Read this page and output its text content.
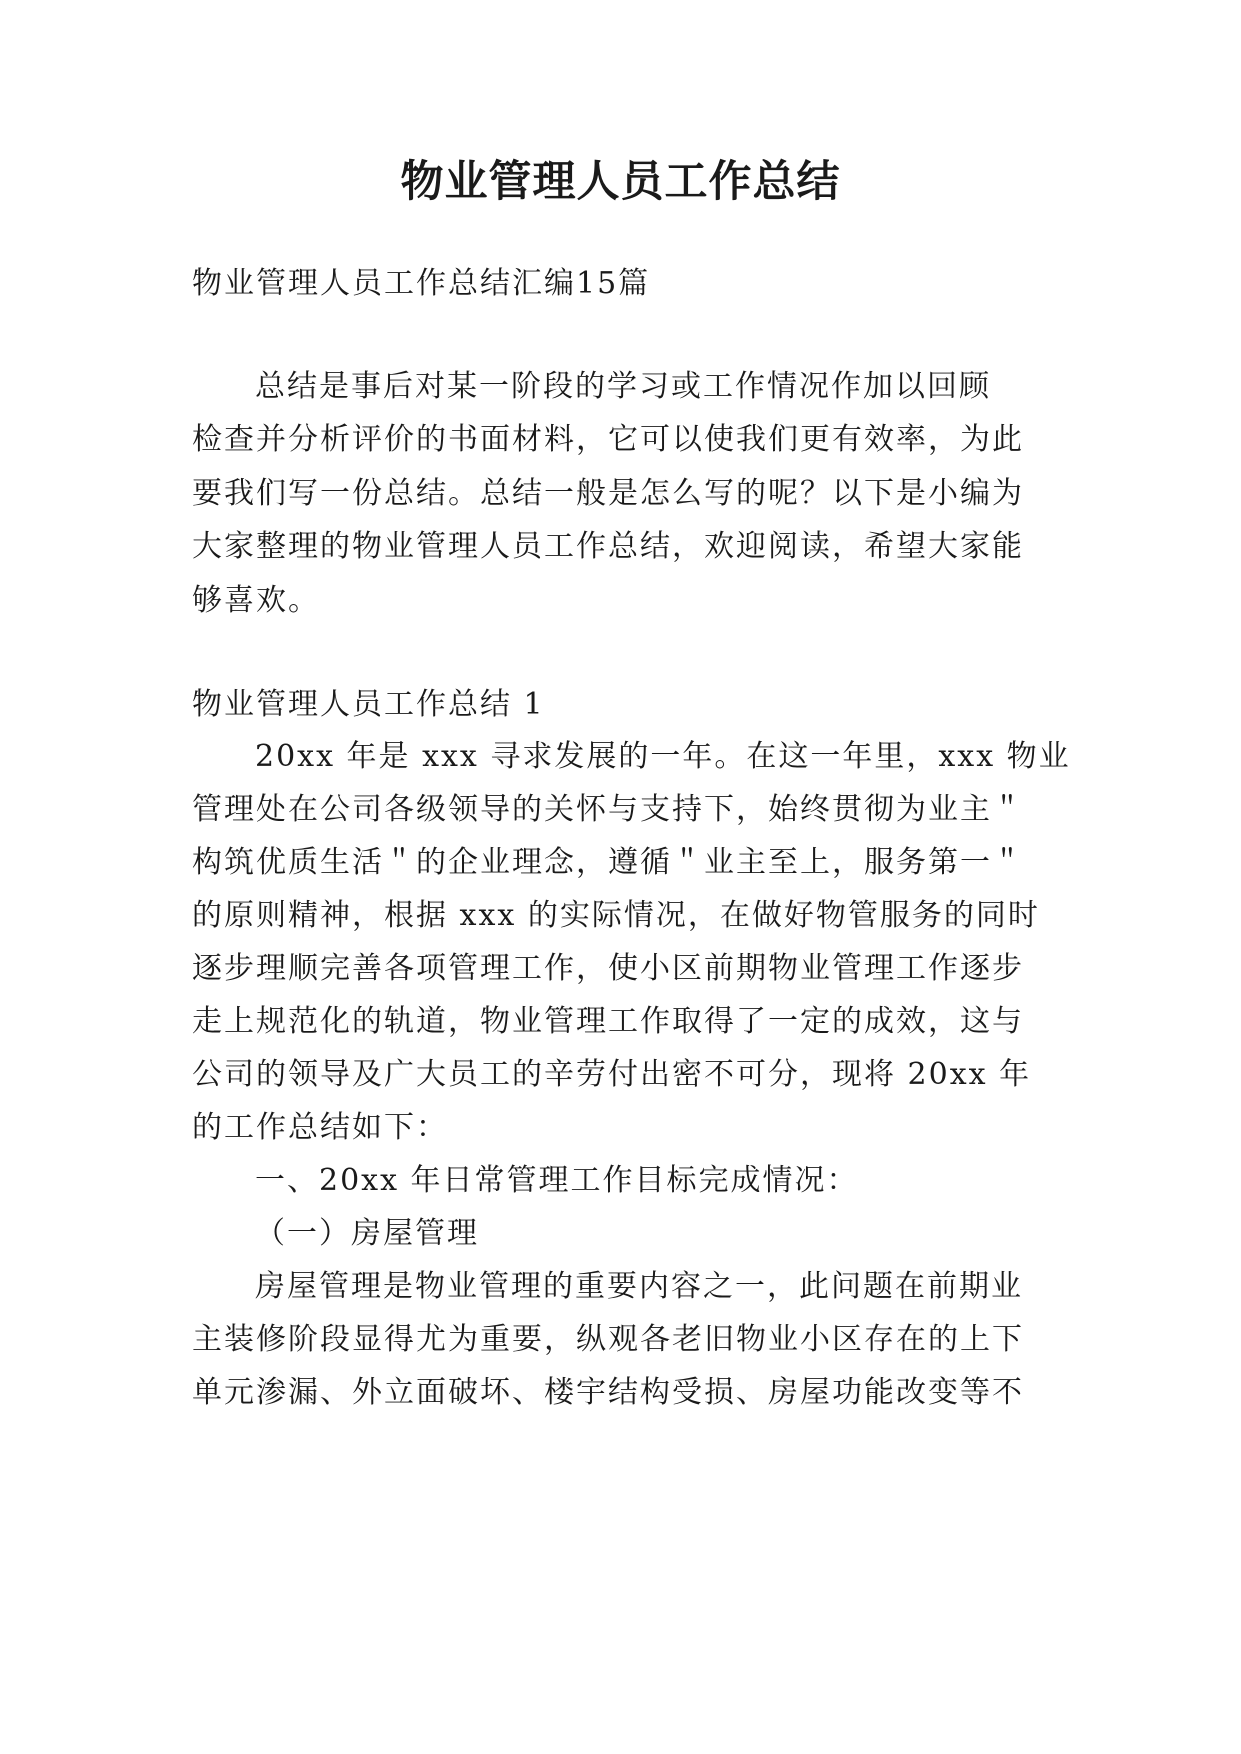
物业管理人员工作总结

物业管理人员工作总结汇编15篇

总结是事后对某一阶段的学习或工作情况作加以回顾

检查并分析评价的书面材料，它可以使我们更有效率，为此

要我们写一份总结。总结一般是怎么写的呢？以下是小编为

大家整理的物业管理人员工作总结，欢迎阅读，希望大家能

够喜欢。

物业管理人员工作总结 1

20xx 年是 xxx 寻求发展的一年。在这一年里，xxx 物业

管理处在公司各级领导的关怀与支持下，始终贯彻为业主＂

构筑优质生活＂的企业理念，遵循＂业主至上，服务第一＂

的原则精神，根据 xxx 的实际情况，在做好物管服务的同时

逐步理顺完善各项管理工作，使小区前期物业管理工作逐步

走上规范化的轨道，物业管理工作取得了一定的成效，这与

公司的领导及广大员工的辛劳付出密不可分，现将 20xx 年

的工作总结如下：

一、20xx 年日常管理工作目标完成情况：

（一）房屋管理

房屋管理是物业管理的重要内容之一，此问题在前期业

主装修阶段显得尤为重要，纵观各老旧物业小区存在的上下

单元渗漏、外立面破坏、楼宇结构受损、房屋功能改变等不
